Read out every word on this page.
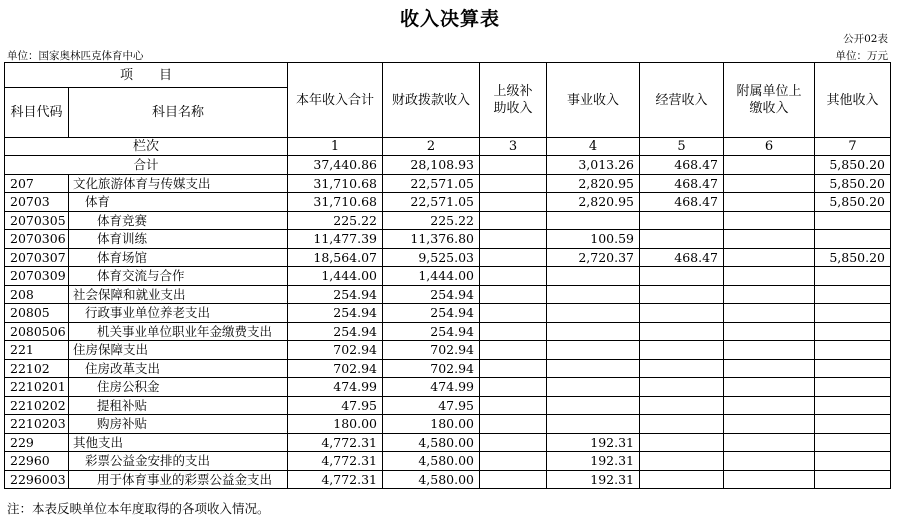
收入决算表
公开02表
单位：国家奥林匹克体育中心	单位：万元
项　　目		本年收入合计	财政拨款收入	上级补助收入	事业收入	经营收入	附属单位上缴收入	其他收入
科目代码	科目名称							
栏次		1	2	3	4	5	6	7
合计		37,440.86	28,108.93		3,013.26	468.47		5,850.20
207	文化旅游体育与传媒支出	31,710.68	22,571.05		2,820.95	468.47		5,850.20
20703	体育	31,710.68	22,571.05		2,820.95	468.47		5,850.20
2070305	体育竞赛	225.22	225.22					
2070306	体育训练	11,477.39	11,376.80		100.59			
2070307	体育场馆	18,564.07	9,525.03		2,720.37	468.47		5,850.20
2070309	体育交流与合作	1,444.00	1,444.00					
208	社会保障和就业支出	254.94	254.94					
20805	行政事业单位养老支出	254.94	254.94					
2080506	机关事业单位职业年金缴费支出	254.94	254.94					
221	住房保障支出	702.94	702.94					
22102	住房改革支出	702.94	702.94					
2210201	住房公积金	474.99	474.99					
2210202	提租补贴	47.95	47.95					
2210203	购房补贴	180.00	180.00					
229	其他支出	4,772.31	4,580.00		192.31			
22960	彩票公益金安排的支出	4,772.31	4,580.00		192.31			
2296003	用于体育事业的彩票公益金支出	4,772.31	4,580.00		192.31			
注：本表反映单位本年度取得的各项收入情况。
